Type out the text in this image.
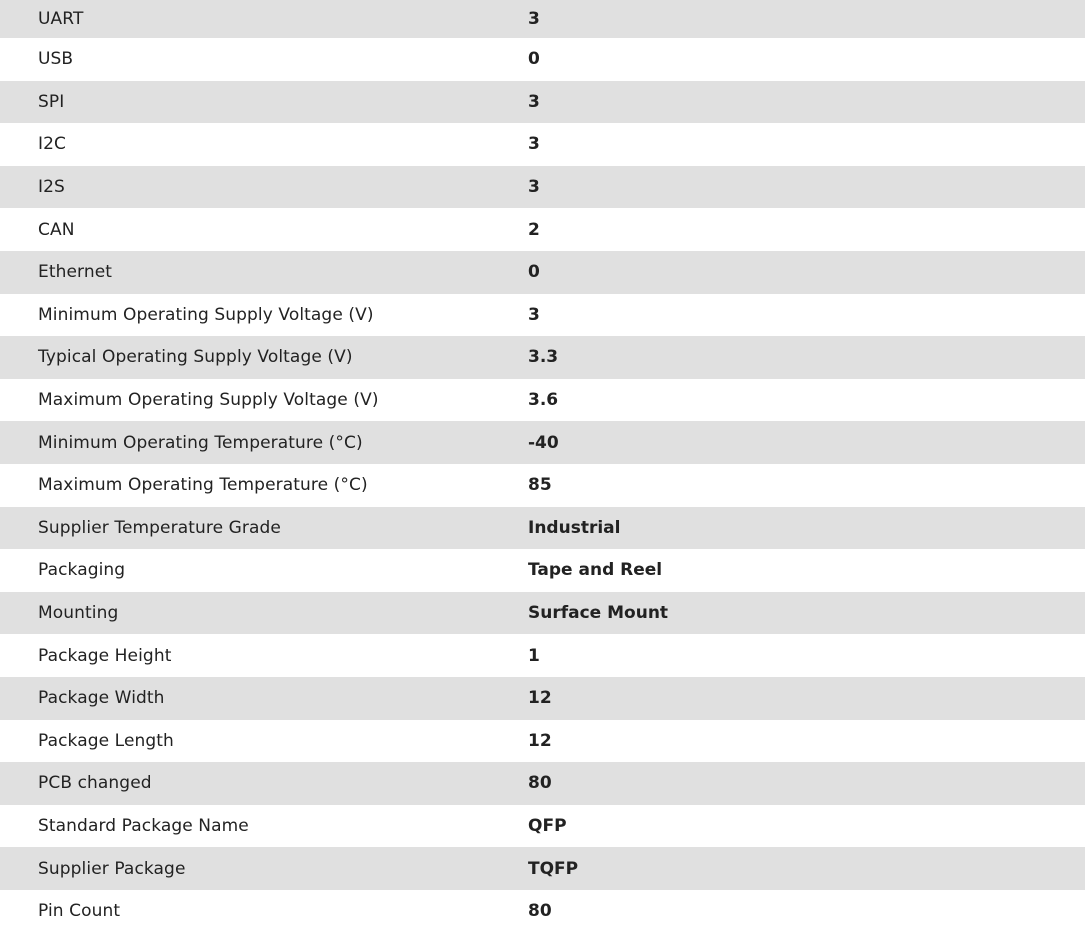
UART	3
USB	0
SPI	3
I2C	3
I2S	3
CAN	2
Ethernet	0
Minimum Operating Supply Voltage (V)	3
Typical Operating Supply Voltage (V)	3.3
Maximum Operating Supply Voltage (V)	3.6
Minimum Operating Temperature (°C)	-40
Maximum Operating Temperature (°C)	85
Supplier Temperature Grade	Industrial
Packaging	Tape and Reel
Mounting	Surface Mount
Package Height	1
Package Width	12
Package Length	12
PCB changed	80
Standard Package Name	QFP
Supplier Package	TQFP
Pin Count	80
